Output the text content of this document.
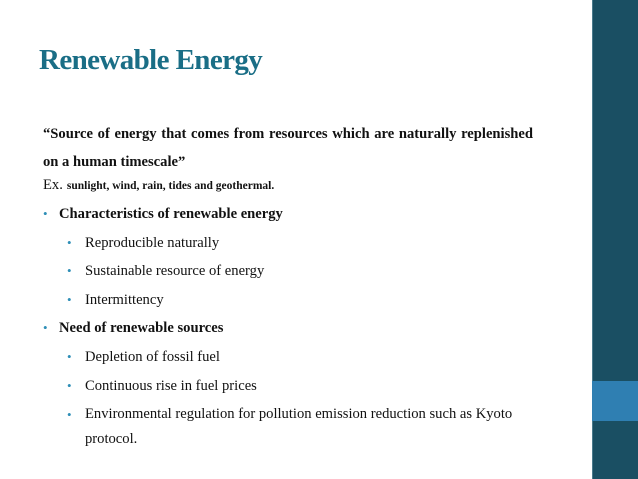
Renewable Energy
“Source of energy that comes from resources which are naturally replenished on a human timescale”
Ex. sunlight, wind, rain, tides and geothermal.
• Characteristics of renewable energy
• Reproducible naturally
• Sustainable resource of energy
• Intermittency
• Need of renewable sources
• Depletion of fossil fuel
• Continuous rise in fuel prices
• Environmental regulation for pollution emission reduction such as Kyoto protocol.
